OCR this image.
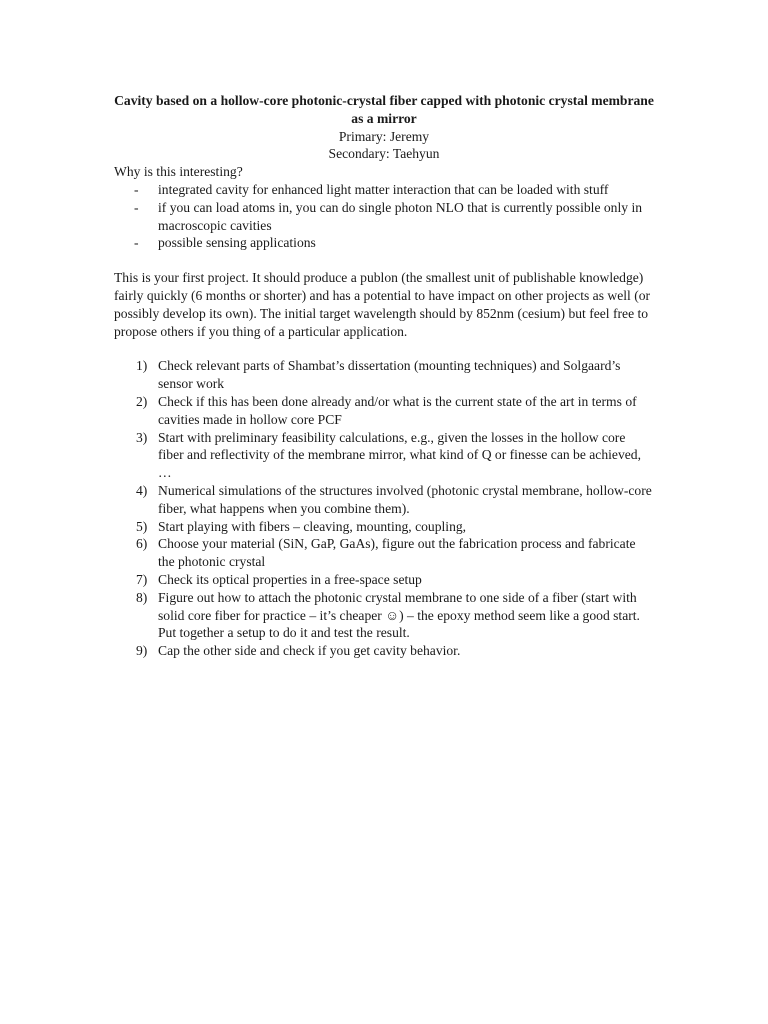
Cavity based on a hollow-core photonic-crystal fiber capped with photonic crystal membrane as a mirror

Primary: Jeremy

Secondary: Taehyun

Why is this interesting?

- integrated cavity for enhanced light matter interaction that can be loaded with stuff
- if you can load atoms in, you can do single photon NLO that is currently possible only in macroscopic cavities
- possible sensing applications

This is your first project. It should produce a publon (the smallest unit of publishable knowledge) fairly quickly (6 months or shorter) and has a potential to have impact on other projects as well (or possibly develop its own). The initial target wavelength should by 852nm (cesium) but feel free to propose others if you thing of a particular application.

1) Check relevant parts of Shambat’s dissertation (mounting techniques) and Solgaard’s sensor work
2) Check if this has been done already and/or what is the current state of the art in terms of cavities made in hollow core PCF
3) Start with preliminary feasibility calculations, e.g., given the losses in the hollow core fiber and reflectivity of the membrane mirror, what kind of Q or finesse can be achieved, …
4) Numerical simulations of the structures involved (photonic crystal membrane, hollow-core fiber, what happens when you combine them).
5) Start playing with fibers – cleaving, mounting, coupling,
6) Choose your material (SiN, GaP, GaAs), figure out the fabrication process and fabricate the photonic crystal
7) Check its optical properties in a free-space setup
8) Figure out how to attach the photonic crystal membrane to one side of a fiber (start with solid core fiber for practice – it’s cheaper ☺) – the epoxy method seem like a good start. Put together a setup to do it and test the result.
9) Cap the other side and check if you get cavity behavior.
